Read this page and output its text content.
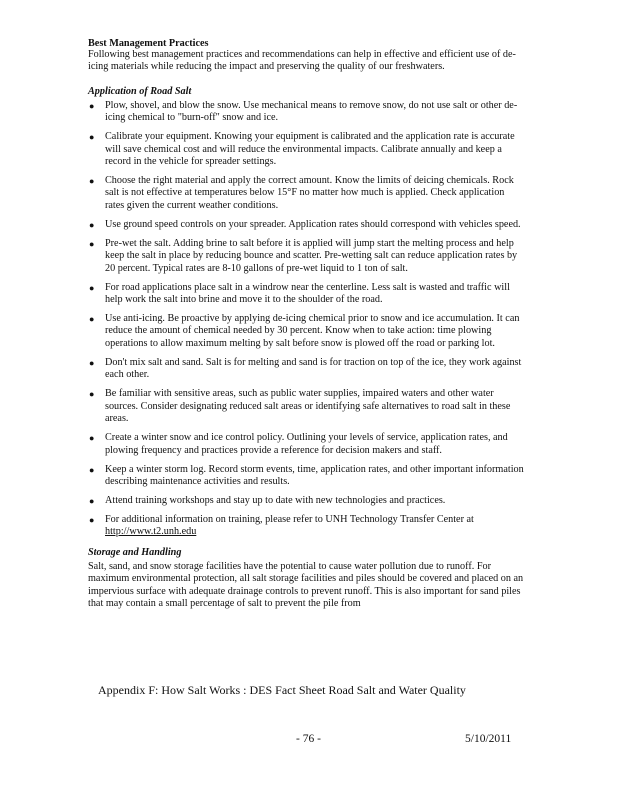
Best Management Practices

Following best management practices and recommendations can help in effective and efficient use of de-icing materials while reducing the impact and preserving the quality of our freshwaters.

Application of Road Salt

● Plow, shovel, and blow the snow. Use mechanical means to remove snow, do not use salt or other de-icing chemical to "burn-off" snow and ice.
● Calibrate your equipment. Knowing your equipment is calibrated and the application rate is accurate will save chemical cost and will reduce the environmental impacts. Calibrate annually and keep a record in the vehicle for spreader settings.
● Choose the right material and apply the correct amount. Know the limits of deicing chemicals. Rock salt is not effective at temperatures below 15°F no matter how much is applied. Check application rates given the current weather conditions.
● Use ground speed controls on your spreader. Application rates should correspond with vehicles speed.
● Pre-wet the salt. Adding brine to salt before it is applied will jump start the melting process and help keep the salt in place by reducing bounce and scatter. Pre-wetting salt can reduce application rates by 20 percent. Typical rates are 8-10 gallons of pre-wet liquid to 1 ton of salt.
● For road applications place salt in a windrow near the centerline. Less salt is wasted and traffic will help work the salt into brine and move it to the shoulder of the road.
● Use anti-icing. Be proactive by applying de-icing chemical prior to snow and ice accumulation. It can reduce the amount of chemical needed by 30 percent. Know when to take action: time plowing operations to allow maximum melting by salt before snow is plowed off the road or parking lot.
● Don't mix salt and sand. Salt is for melting and sand is for traction on top of the ice, they work against each other.
● Be familiar with sensitive areas, such as public water supplies, impaired waters and other water sources. Consider designating reduced salt areas or identifying safe alternatives to road salt in these areas.
● Create a winter snow and ice control policy. Outlining your levels of service, application rates, and plowing frequency and practices provide a reference for decision makers and staff.
● Keep a winter storm log. Record storm events, time, application rates, and other important information describing maintenance activities and results.
● Attend training workshops and stay up to date with new technologies and practices.
● For additional information on training, please refer to UNH Technology Transfer Center at http://www.t2.unh.edu

Storage and Handling

Salt, sand, and snow storage facilities have the potential to cause water pollution due to runoff. For maximum environmental protection, all salt storage facilities and piles should be covered and placed on an impervious surface with adequate drainage controls to prevent runoff. This is also important for sand piles that may contain a small percentage of salt to prevent the pile from

Appendix F: How Salt Works : DES Fact Sheet Road Salt and Water Quality
- 76 -	5/10/2011
